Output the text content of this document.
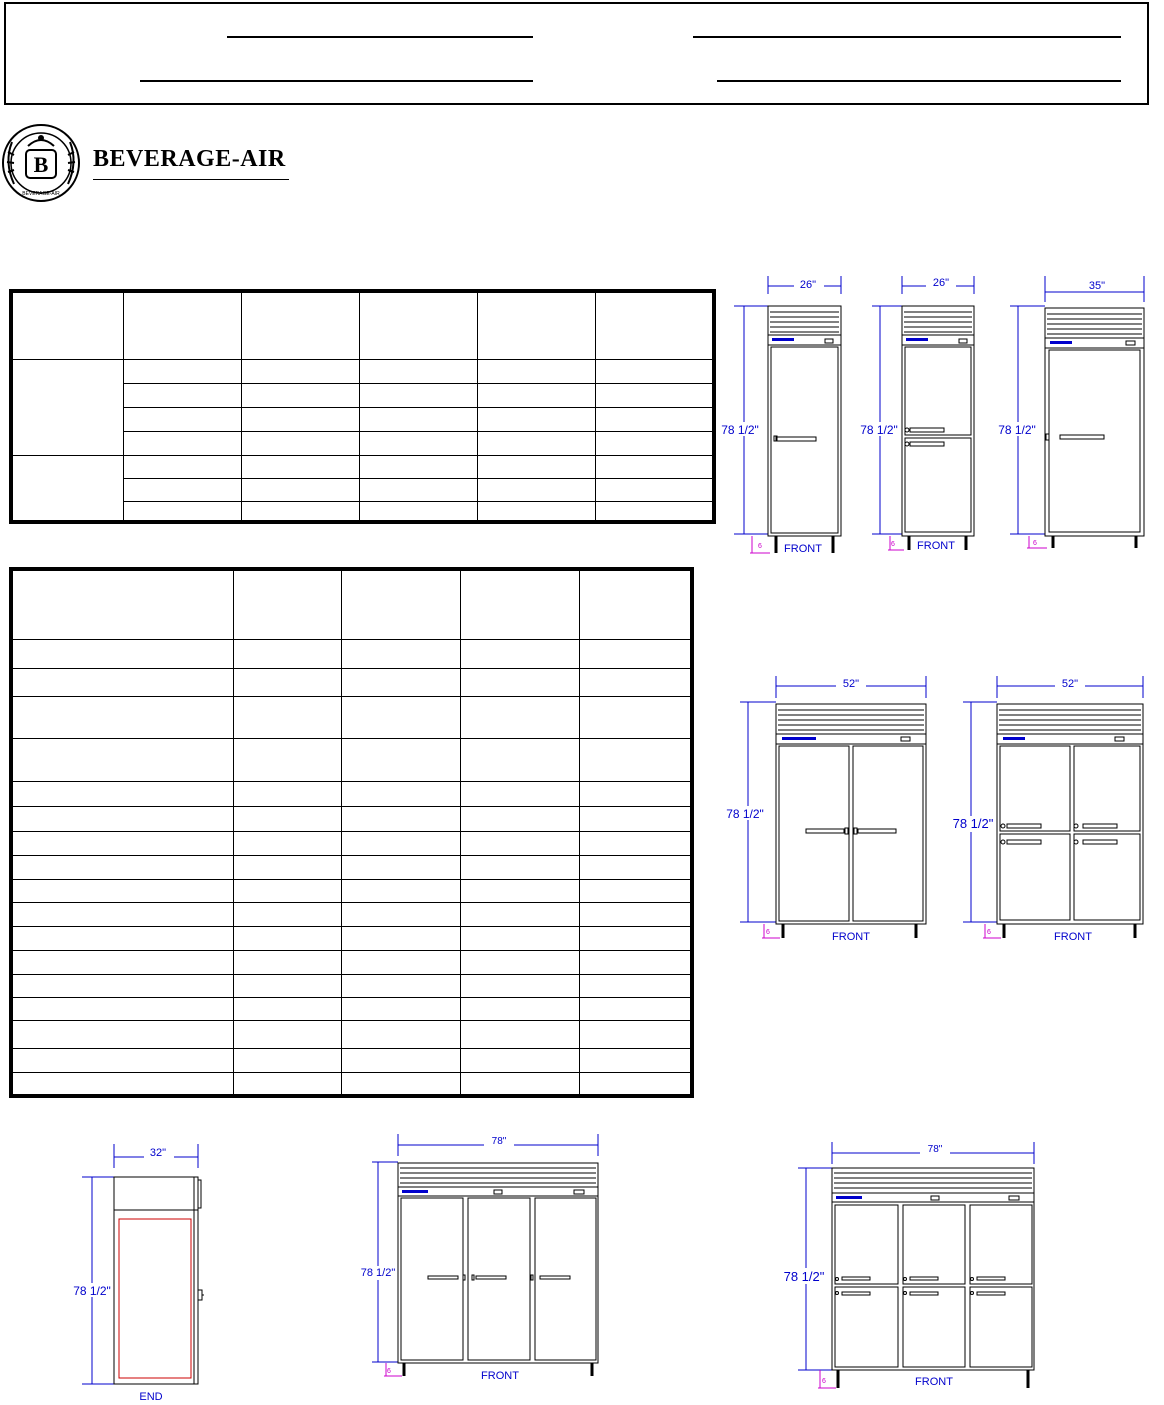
B
BEVERAGE-AIR
BEVERAGE-AIR

26"
78 1/2"
6 FRONT
26"
78 1/2"
6 FRONT
35"
78 1/2"
6
52"
78 1/2"
6	FRONT
52"
78 1/2"
6	FRONT
32"
78 1/2"
END
78"
78 1/2"
6	FRONT
78"
78 1/2"
6	FRONT
